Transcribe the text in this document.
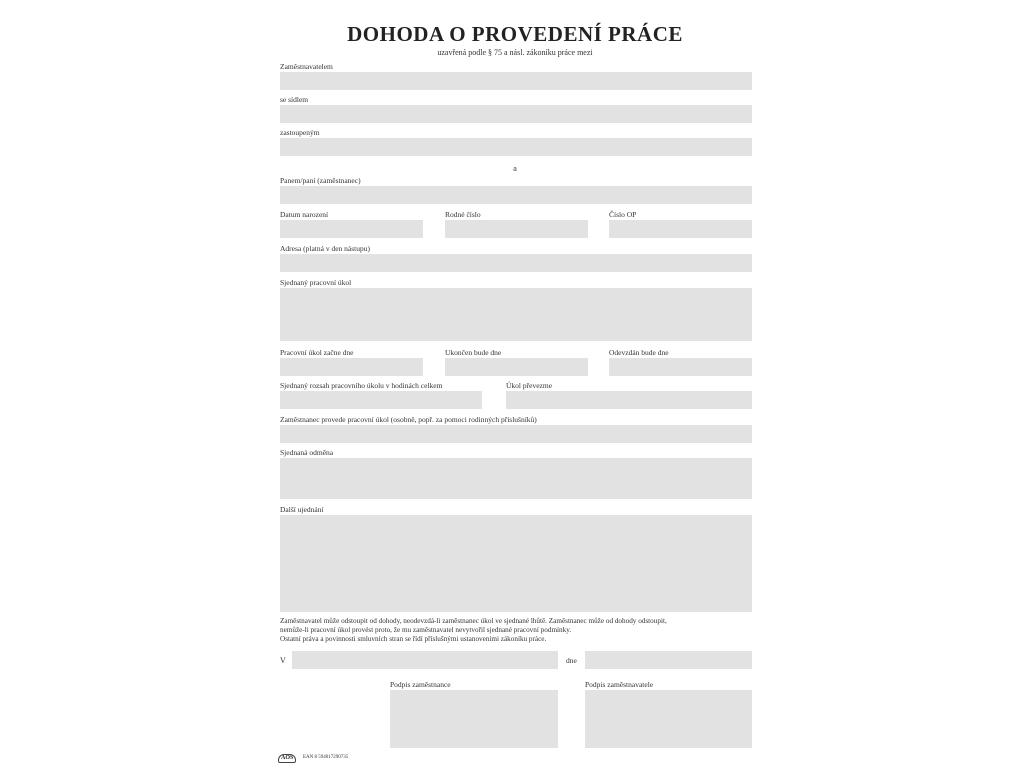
DOHODA O PROVEDENÍ PRÁCE
uzavřená podle § 75 a násl. zákoníku práce mezi
Zaměstnavatelem
se sídlem
zastoupeným
a
Panem/paní (zaměstnanec)
Datum narození	Rodné číslo	Číslo OP
Adresa (platná v den nástupu)
Sjednaný pracovní úkol
Pracovní úkol začne dne	Ukončen bude dne	Odevzdán bude dne
Sjednaný rozsah pracovního úkolu v hodinách celkem	Úkol převezme
Zaměstnanec provede pracovní úkol (osobně, popř. za pomoci rodinných příslušníků)
Sjednaná odměna
Další ujednání
Zaměstnavatel může odstoupit od dohody, neodevzdá-li zaměstnanec úkol ve sjednané lhůtě. Zaměstnanec může od dohody odstoupit,
nemůže-li pracovní úkol provést proto, že mu zaměstnavatel nevytvořil sjednané pracovní podmínky.
Ostatní práva a povinnosti smluvních stran se řídí příslušnými ustanoveními zákoníku práce.
V	dne
Podpis zaměstnance	Podpis zaměstnavatele
AOS	EAN 8 594017290735
